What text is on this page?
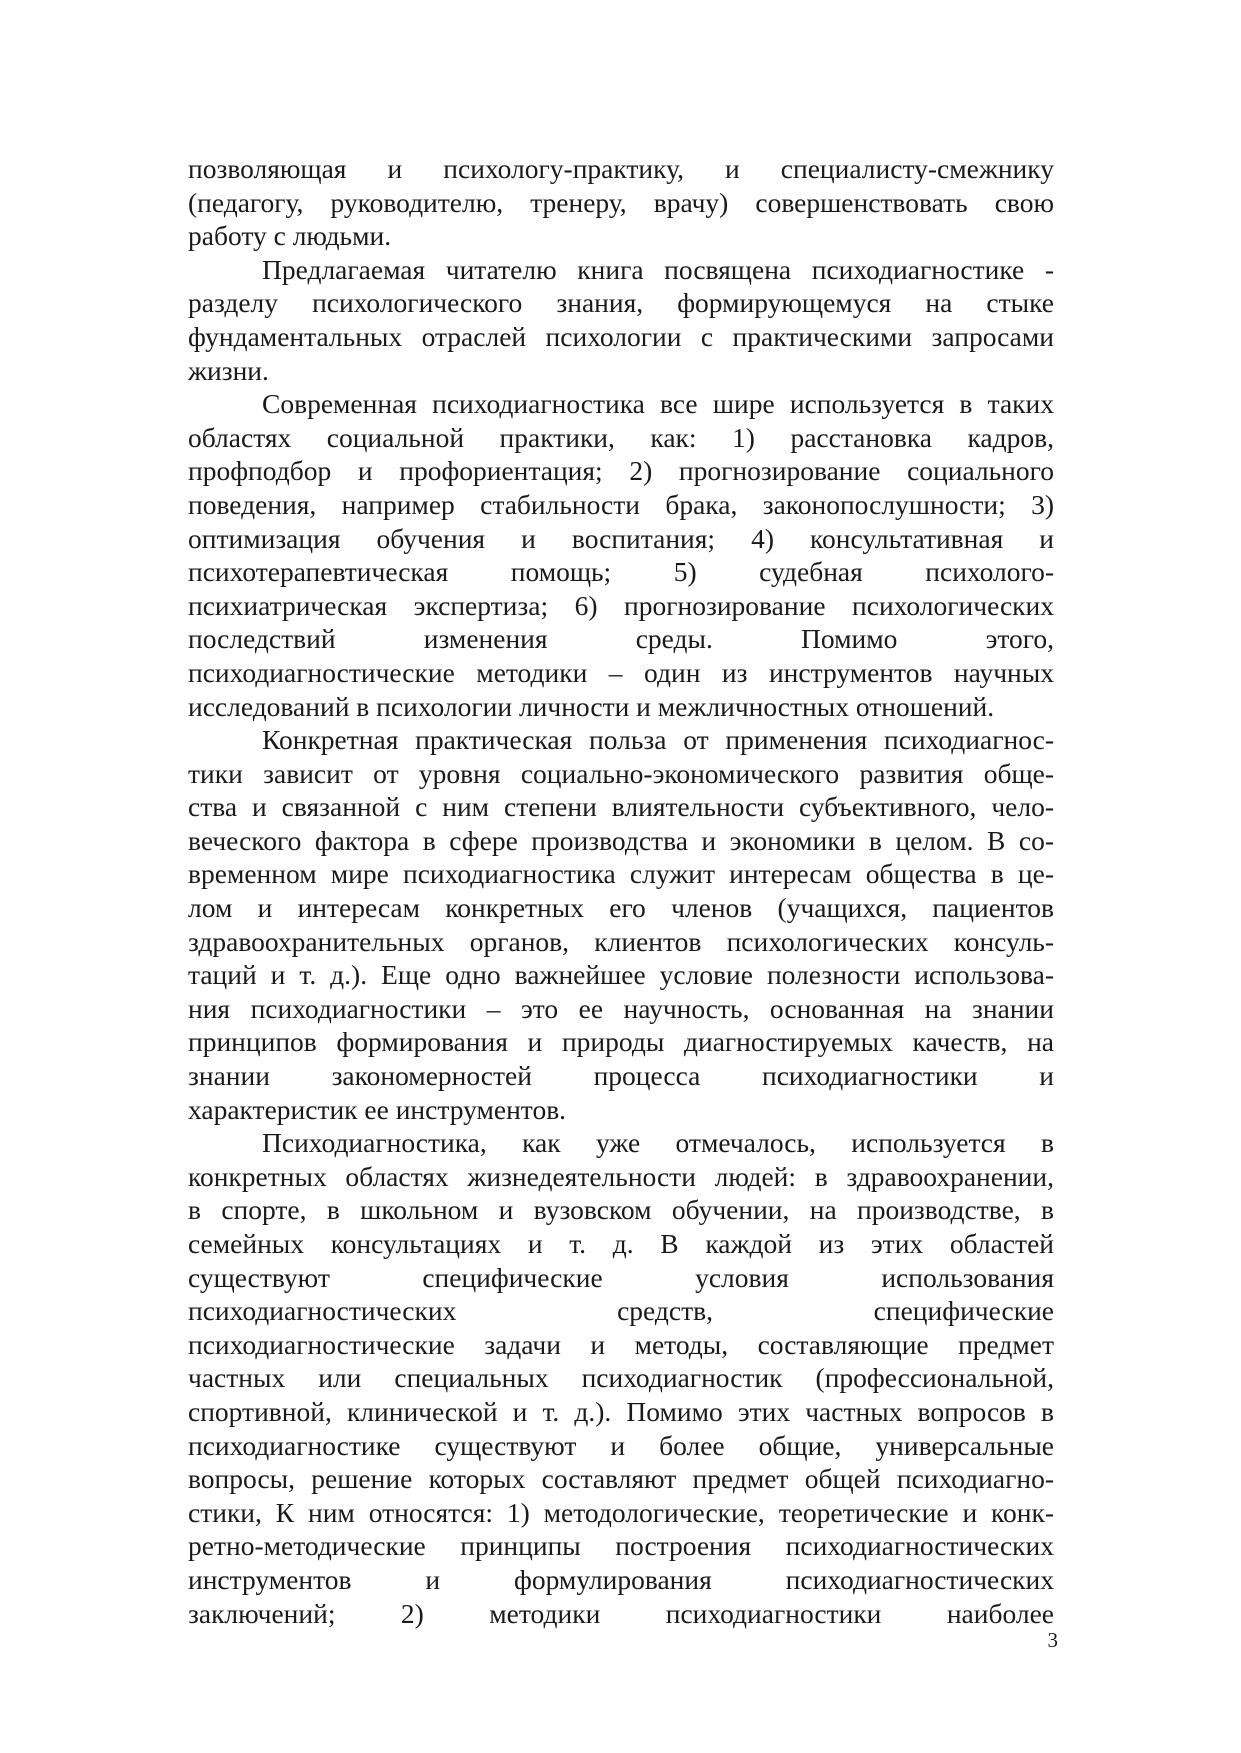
позволяющая и психологу-практику, и специалисту-смежнику
(педагогу, руководителю, тренеру, врачу) совершенствовать свою
работу с людьми.
Предлагаемая читателю книга посвящена психодиагностике -
разделу психологического знания, формирующемуся на стыке
фундаментальных отраслей психологии с практическими запросами
жизни.
Современная психодиагностика все шире используется в таких
областях социальной практики, как: 1) расстановка кадров,
профподбор и профориентация; 2) прогнозирование социального
поведения, например стабильности брака, законопослушности; 3)
оптимизация обучения и воспитания; 4) консультативная и
психотерапевтическая помощь; 5) судебная психолого-
психиатрическая экспертиза; 6) прогнозирование психологических
последствий изменения среды. Помимо этого,
психодиагностические методики – один из инструментов научных
исследований в психологии личности и межличностных отношений.
Конкретная практическая польза от применения психодиагнос-
тики зависит от уровня социально-экономического развития обще-
ства и связанной с ним степени влиятельности субъективного, чело-
веческого фактора в сфере производства и экономики в целом. В со-
временном мире психодиагностика служит интересам общества в це-
лом и интересам конкретных его членов (учащихся, пациентов
здравоохранительных органов, клиентов психологических консуль-
таций и т. д.). Еще одно важнейшее условие полезности использова-
ния психодиагностики – это ее научность, основанная на знании
принципов формирования и природы диагностируемых качеств, на
знании закономерностей процесса психодиагностики и
характеристик ее инструментов.
Психодиагностика, как уже отмечалось, используется в
конкретных областях жизнедеятельности людей: в здравоохранении,
в спорте, в школьном и вузовском обучении, на производстве, в
семейных консультациях и т. д. В каждой из этих областей
существуют специфические условия использования
психодиагностических средств, специфические
психодиагностические задачи и методы, составляющие предмет
частных или специальных психодиагностик (профессиональной,
спортивной, клинической и т. д.). Помимо этих частных вопросов в
психодиагностике существуют и более общие, универсальные
вопросы, решение которых составляют предмет общей психодиагно-
стики, К ним относятся: 1) методологические, теоретические и конк-
ретно-методические принципы построения психодиагностических
инструментов и формулирования психодиагностических
заключений; 2) методики психодиагностики наиболее
3
